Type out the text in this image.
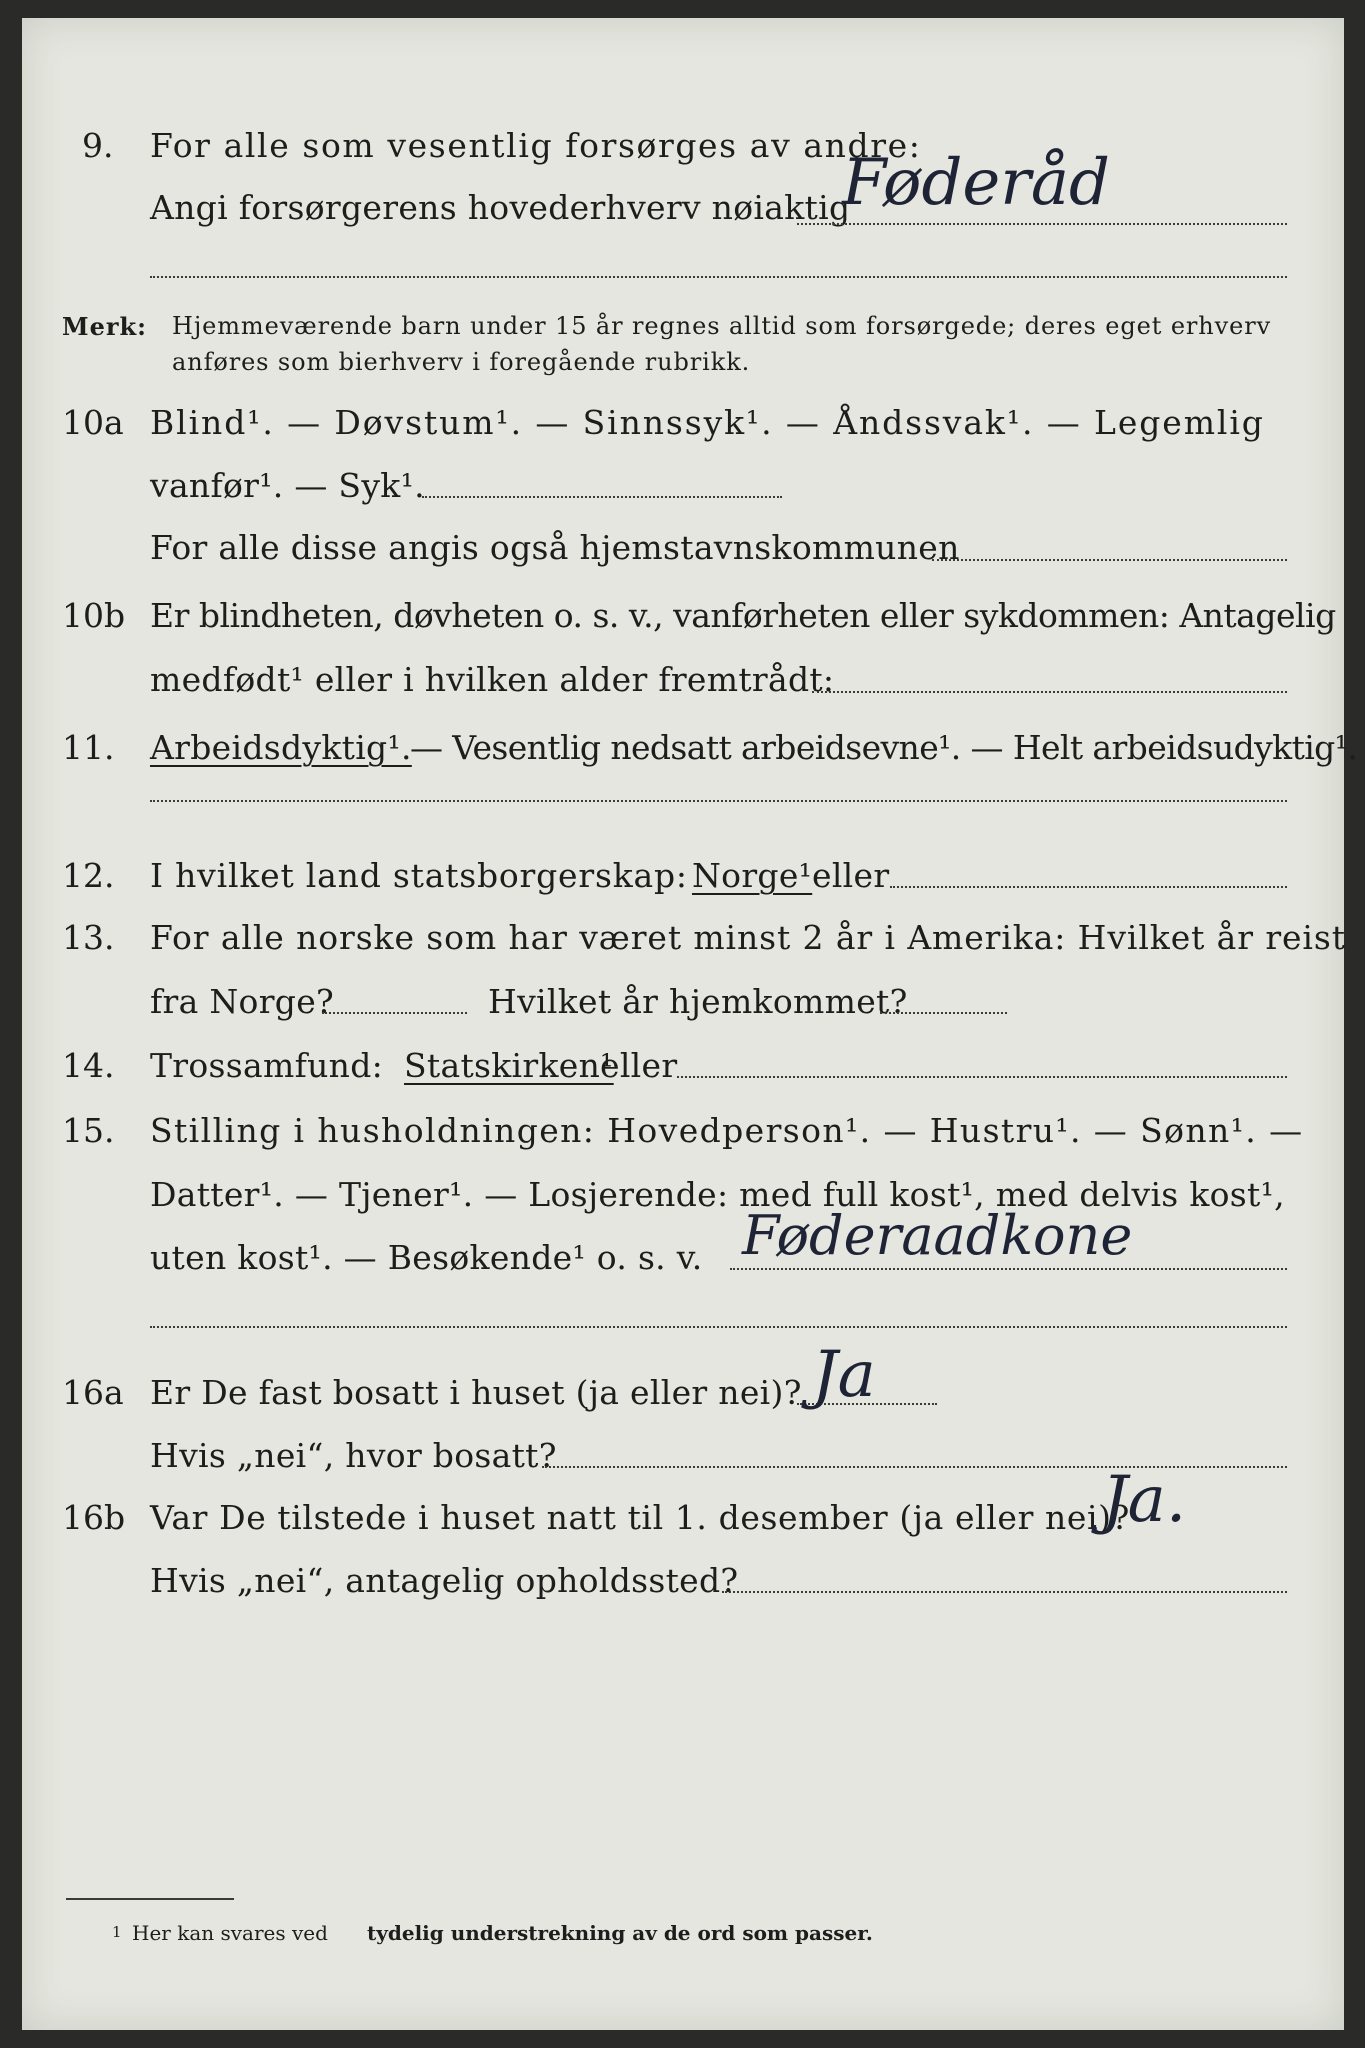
9. For alle som vesentlig forsørges av andre:
Angi forsørgerens hovederhverv nøiaktig
Føderåd
Merk: Hjemmeværende barn under 15 år regnes alltid som forsørgede; deres eget erhverv
anføres som bierhverv i foregående rubrikk.
10a Blind¹. — Døvstum¹. — Sinnssyk¹. — Åndssvak¹. — Legemlig
vanfør¹. — Syk¹.
For alle disse angis også hjemstavnskommunen
10b Er blindheten, døvheten o. s. v., vanførheten eller sykdommen: Antagelig
medfødt¹ eller i hvilken alder fremtrådt:
11. Arbeidsdyktig¹.
— Vesentlig nedsatt arbeidsevne¹. — Helt arbeidsudyktig¹.
12. I hvilket land statsborgerskap: Norge¹ eller
13. For alle norske som har været minst 2 år i Amerika: Hvilket år reist
fra Norge?	Hvilket år hjemkommet?
14. Trossamfund: Statskirken¹
eller
15. Stilling i husholdningen: Hovedperson¹. — Hustru¹. — Sønn¹. —
Datter¹. — Tjener¹. — Losjerende: med full kost¹, med delvis kost¹,
uten kost¹. — Besøkende¹ o. s. v. Føderaadkone
16a Er De fast bosatt i huset (ja eller nei)? Ja
Hvis „nei“, hvor bosatt?
16b Var De tilstede i huset natt til 1. desember (ja eller nei)?
Ja.
Hvis „nei“, antagelig opholdssted?
1 Her kan svares ved tydelig understrekning av de ord som passer.
